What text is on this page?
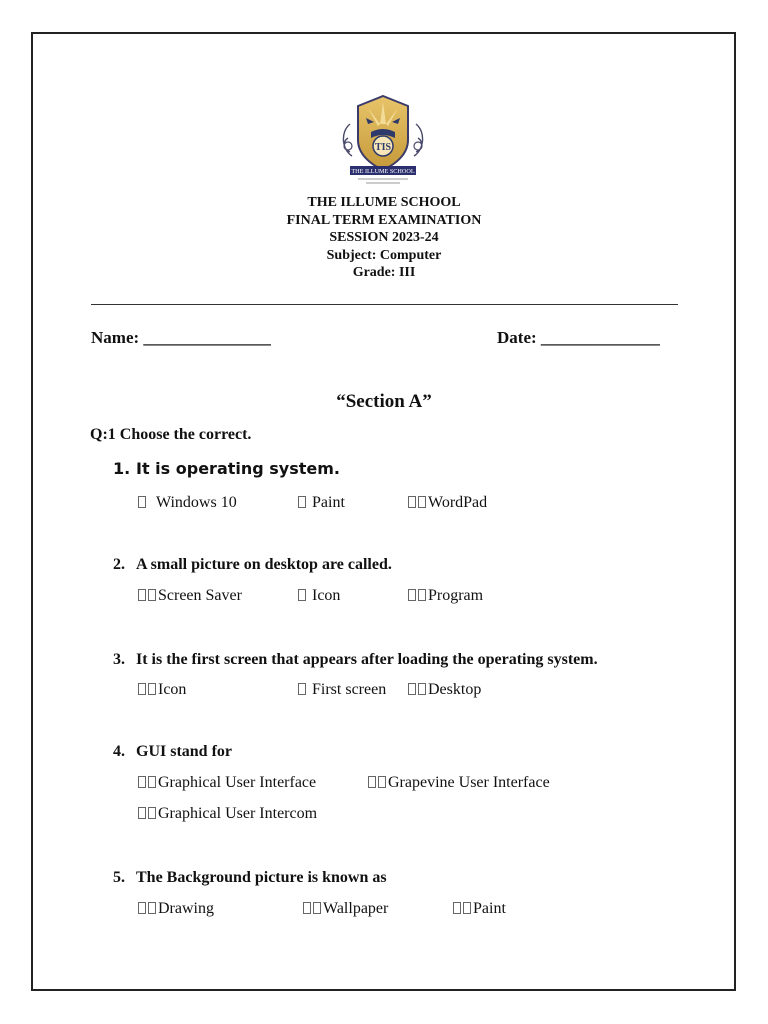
TIS
THE ILLUME SCHOOL
THE ILLUME SCHOOL
FINAL TERM EXAMINATION
SESSION 2023-24
Subject: Computer
Grade: III
Name: _______________	Date: ______________
“Section A”
Q:1 Choose the correct.
1. It is operating system.
Windows 10	Paint	WordPad
2. A small picture on desktop are called.
Screen Saver	Icon	Program
3. It is the first screen that appears after loading the operating system.
Icon	First screen	Desktop
4. GUI stand for
Graphical User Interface	Grapevine User Interface
Graphical User Intercom
5. The Background picture is known as
Drawing	Wallpaper	Paint
